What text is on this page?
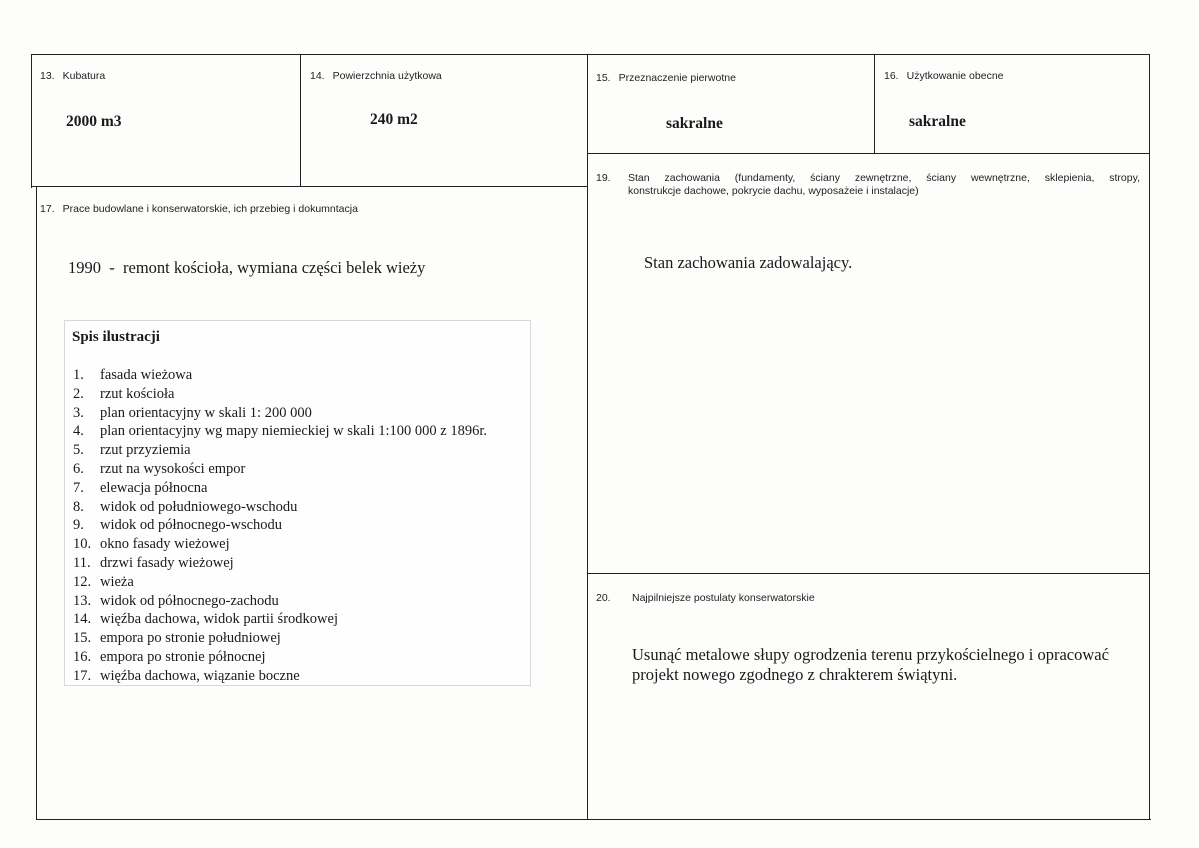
13. Kubatura
2000 m3
14. Powierzchnia użytkowa
240 m2
15. Przeznaczenie pierwotne
sakralne
16. Użytkowanie obecne
sakralne
17. Prace budowlane i konserwatorskie, ich przebieg i dokumntacja
1990  -  remont kościoła, wymiana części belek wieży
Spis ilustracji
1. fasada wieżowa
2. rzut kościoła
3. plan orientacyjny w skali 1: 200 000
4. plan orientacyjny wg mapy niemieckiej w skali 1:100 000 z 1896r.
5. rzut przyziemia
6. rzut na wysokości empor
7. elewacja północna
8. widok od południowego-wschodu
9. widok od północnego-wschodu
10. okno fasady wieżowej
11. drzwi fasady wieżowej
12. wieża
13. widok od północnego-zachodu
14. więźba dachowa, widok partii środkowej
15. empora po stronie południowej
16. empora po stronie północnej
17. więźba dachowa, wiązanie boczne
19. Stan zachowania (fundamenty, ściany zewnętrzne, ściany wewnętrzne, sklepienia, stropy,
konstrukcje dachowe, pokrycie dachu, wyposażeie i instalacje)
Stan zachowania zadowalający.
20. Najpilniejsze postulaty konserwatorskie
Usunąć metalowe słupy ogrodzenia terenu przykościelnego i opracować
projekt nowego zgodnego z chrakterem świątyni.
